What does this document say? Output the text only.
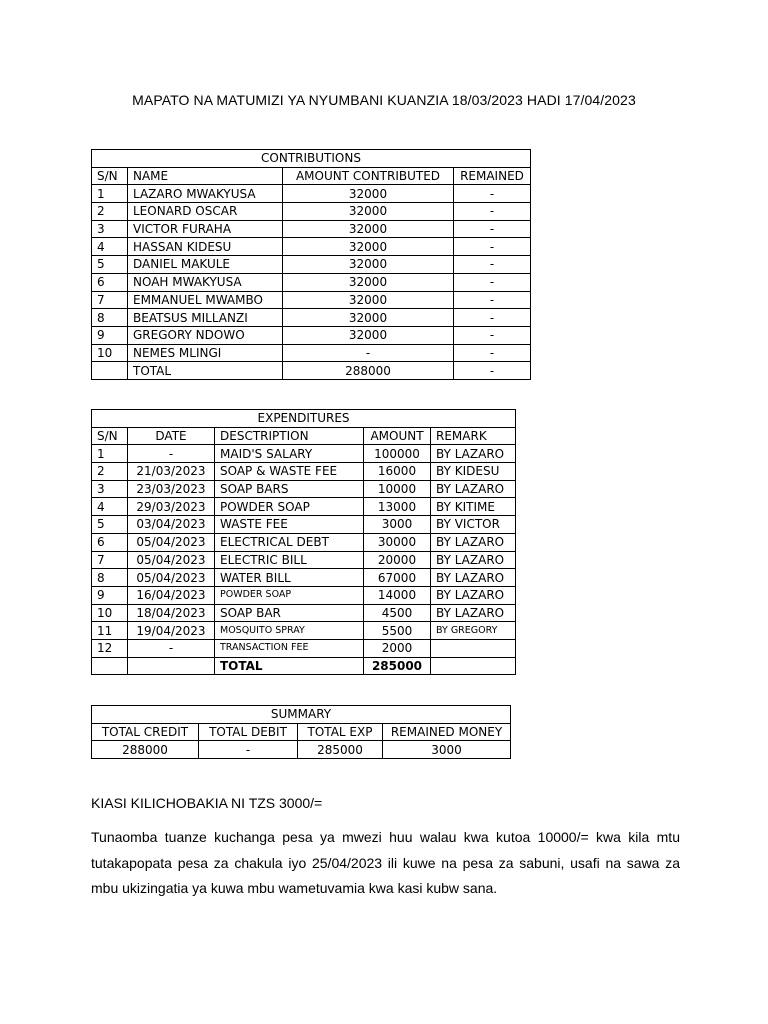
MAPATO NA MATUMIZI YA NYUMBANI KUANZIA 18/03/2023 HADI 17/04/2023
CONTRIBUTIONS			
S/N	NAME	AMOUNT CONTRIBUTED	REMAINED
1	LAZARO MWAKYUSA	32000	-
2	LEONARD OSCAR	32000	-
3	VICTOR FURAHA	32000	-
4	HASSAN KIDESU	32000	-
5	DANIEL MAKULE	32000	-
6	NOAH MWAKYUSA	32000	-
7	EMMANUEL MWAMBO	32000	-
8	BEATSUS MILLANZI	32000	-
9	GREGORY NDOWO	32000	-
10	NEMES MLINGI	-	-
	TOTAL	288000	-
EXPENDITURES				
S/N	DATE	DESCTRIPTION	AMOUNT	REMARK
1	-	MAID'S SALARY	100000	BY LAZARO
2	21/03/2023	SOAP & WASTE FEE	16000	BY KIDESU
3	23/03/2023	SOAP BARS	10000	BY LAZARO
4	29/03/2023	POWDER SOAP	13000	BY KITIME
5	03/04/2023	WASTE FEE	3000	BY VICTOR
6	05/04/2023	ELECTRICAL DEBT	30000	BY LAZARO
7	05/04/2023	ELECTRIC BILL	20000	BY LAZARO
8	05/04/2023	WATER BILL	67000	BY LAZARO
9	16/04/2023	POWDER SOAP	14000	BY LAZARO
10	18/04/2023	SOAP BAR	4500	BY LAZARO
11	19/04/2023	MOSQUITO SPRAY	5500	BY GREGORY
12	-	TRANSACTION FEE	2000	
		TOTAL	285000	
SUMMARY			
TOTAL CREDIT	TOTAL DEBIT	TOTAL EXP	REMAINED MONEY
288000	-	285000	3000
KIASI KILICHOBAKIA NI TZS 3000/=
Tunaomba tuanze kuchanga pesa ya mwezi huu walau kwa kutoa 10000/= kwa kila mtu tutakapopata pesa za chakula iyo 25/04/2023 ili kuwe na pesa za sabuni, usafi na sawa za mbu ukizingatia ya kuwa mbu wametuvamia kwa kasi kubw sana.
